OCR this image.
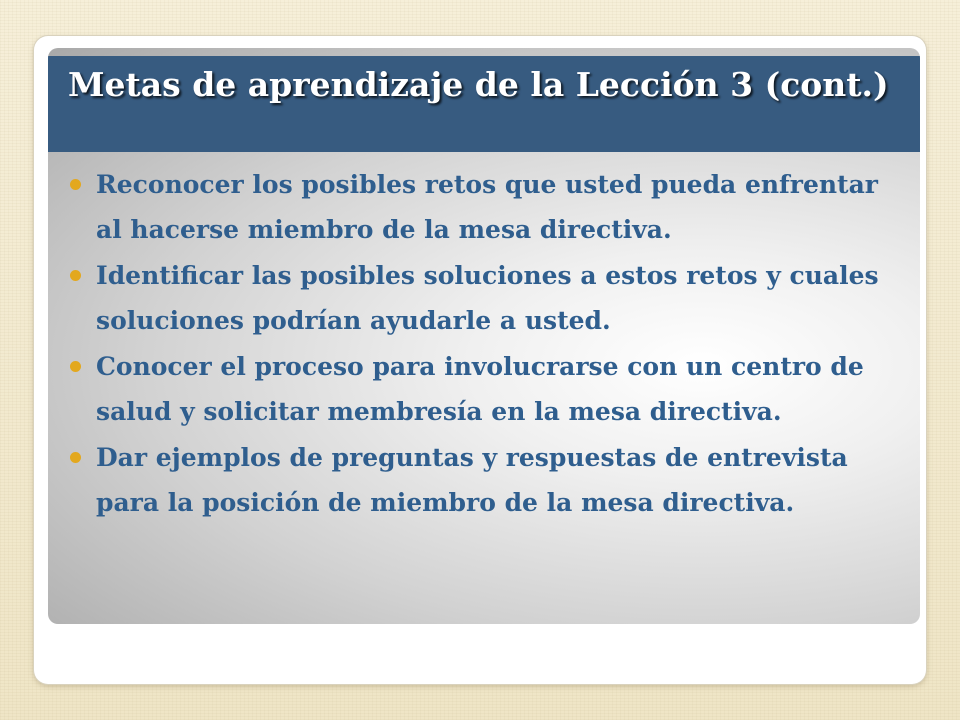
Metas de aprendizaje de la Lección 3 (cont.)
Reconocer los posibles retos que usted pueda enfrentar al hacerse miembro de la mesa directiva.
Identificar las posibles soluciones a estos retos y cuales soluciones podrían ayudarle a usted.
Conocer el proceso para involucrarse con un centro de salud y solicitar membresía en la mesa directiva.
Dar ejemplos de preguntas y respuestas de entrevista para la posición de miembro de la mesa directiva.
